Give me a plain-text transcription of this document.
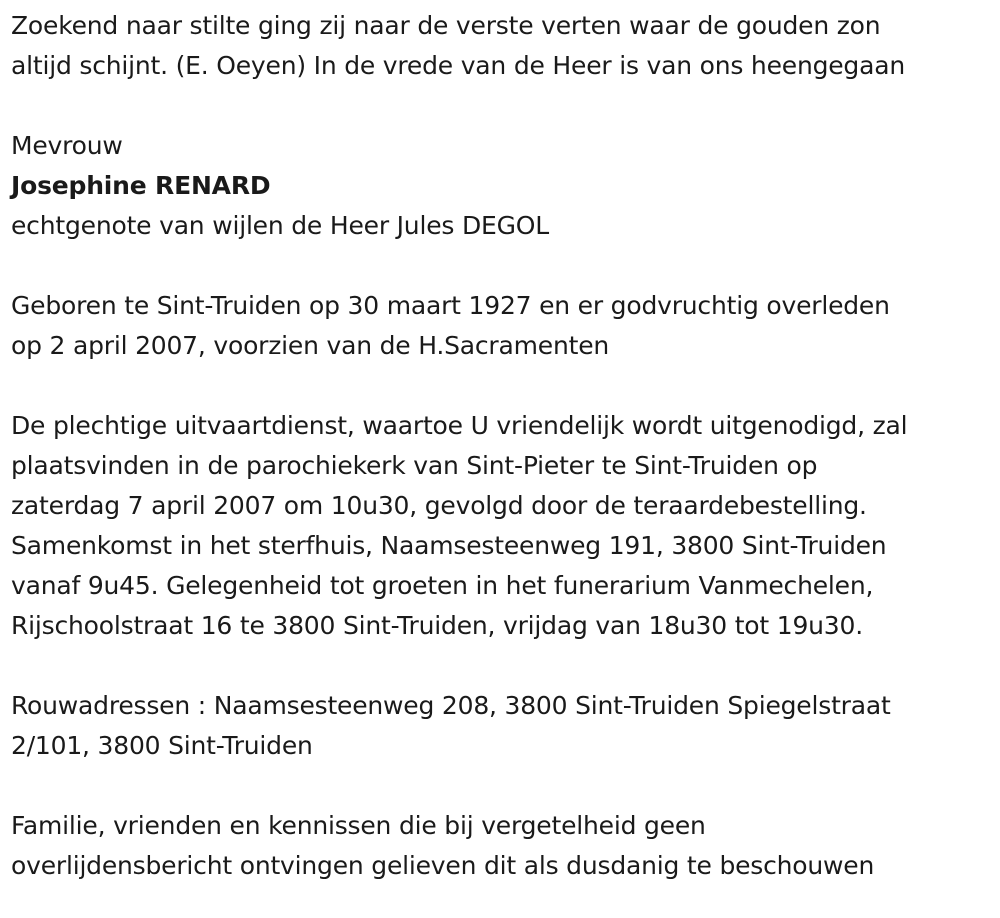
Zoekend naar stilte ging zij naar de verste verten waar de gouden zon
altijd schijnt. (E. Oeyen) In de vrede van de Heer is van ons heengegaan

Mevrouw

Josephine RENARD

echtgenote van wijlen de Heer Jules DEGOL

Geboren te Sint-Truiden op 30 maart 1927 en er godvruchtig overleden
op 2 april 2007, voorzien van de H.Sacramenten

De plechtige uitvaartdienst, waartoe U vriendelijk wordt uitgenodigd, zal
plaatsvinden in de parochiekerk van Sint-Pieter te Sint-Truiden op
zaterdag 7 april 2007 om 10u30, gevolgd door de teraardebestelling.
Samenkomst in het sterfhuis, Naamsesteenweg 191, 3800 Sint-Truiden
vanaf 9u45. Gelegenheid tot groeten in het funerarium Vanmechelen,
Rijschoolstraat 16 te 3800 Sint-Truiden, vrijdag van 18u30 tot 19u30.

Rouwadressen : Naamsesteenweg 208, 3800 Sint-Truiden Spiegelstraat
2/101, 3800 Sint-Truiden

Familie, vrienden en kennissen die bij vergetelheid geen
overlijdensbericht ontvingen gelieven dit als dusdanig te beschouwen
